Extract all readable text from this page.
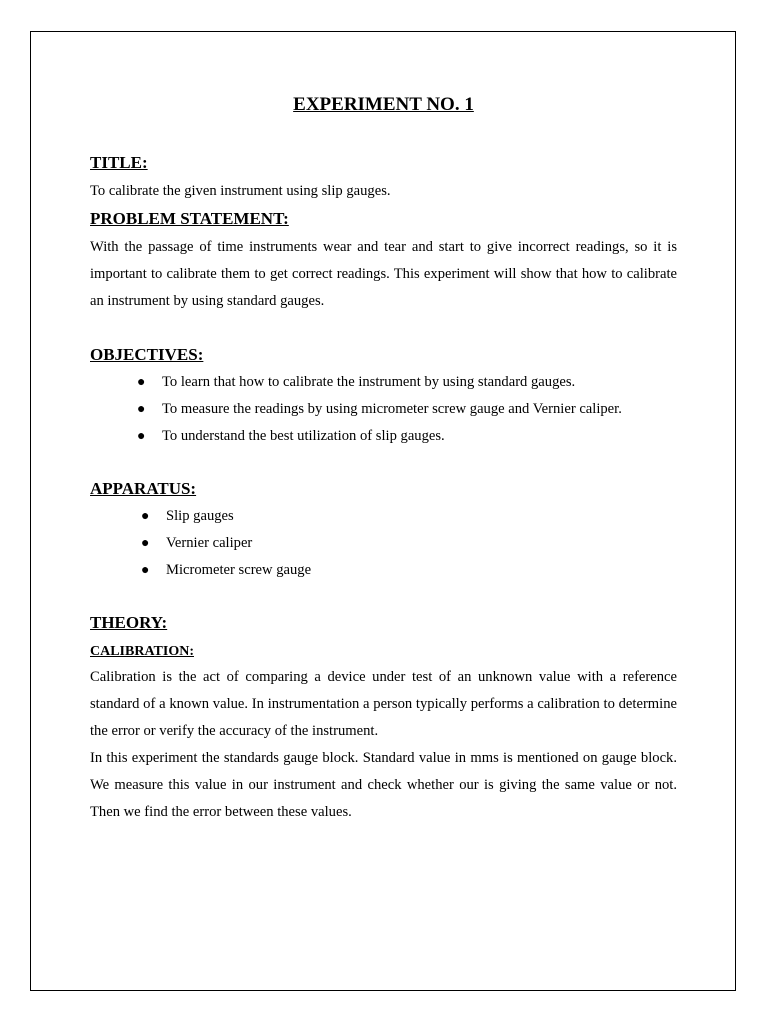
EXPERIMENT NO. 1
TITLE:

To calibrate the given instrument using slip gauges.

PROBLEM STATEMENT:

With the passage of time instruments wear and tear and start to give incorrect readings, so it is important to calibrate them to get correct readings. This experiment will show that how to calibrate an instrument by using standard gauges.

OBJECTIVES:
● To learn that how to calibrate the instrument by using standard gauges.
● To measure the readings by using micrometer screw gauge and Vernier caliper.
● To understand the best utilization of slip gauges.
APPARATUS:
● Slip gauges
● Vernier caliper
● Micrometer screw gauge
THEORY:
CALIBRATION:

Calibration is the act of comparing a device under test of an unknown value with a reference standard of a known value. In instrumentation a person typically performs a calibration to determine the error or verify the accuracy of the instrument.

In this experiment the standards gauge block. Standard value in mms is mentioned on gauge block. We measure this value in our instrument and check whether our is giving the same value or not. Then we find the error between these values.
